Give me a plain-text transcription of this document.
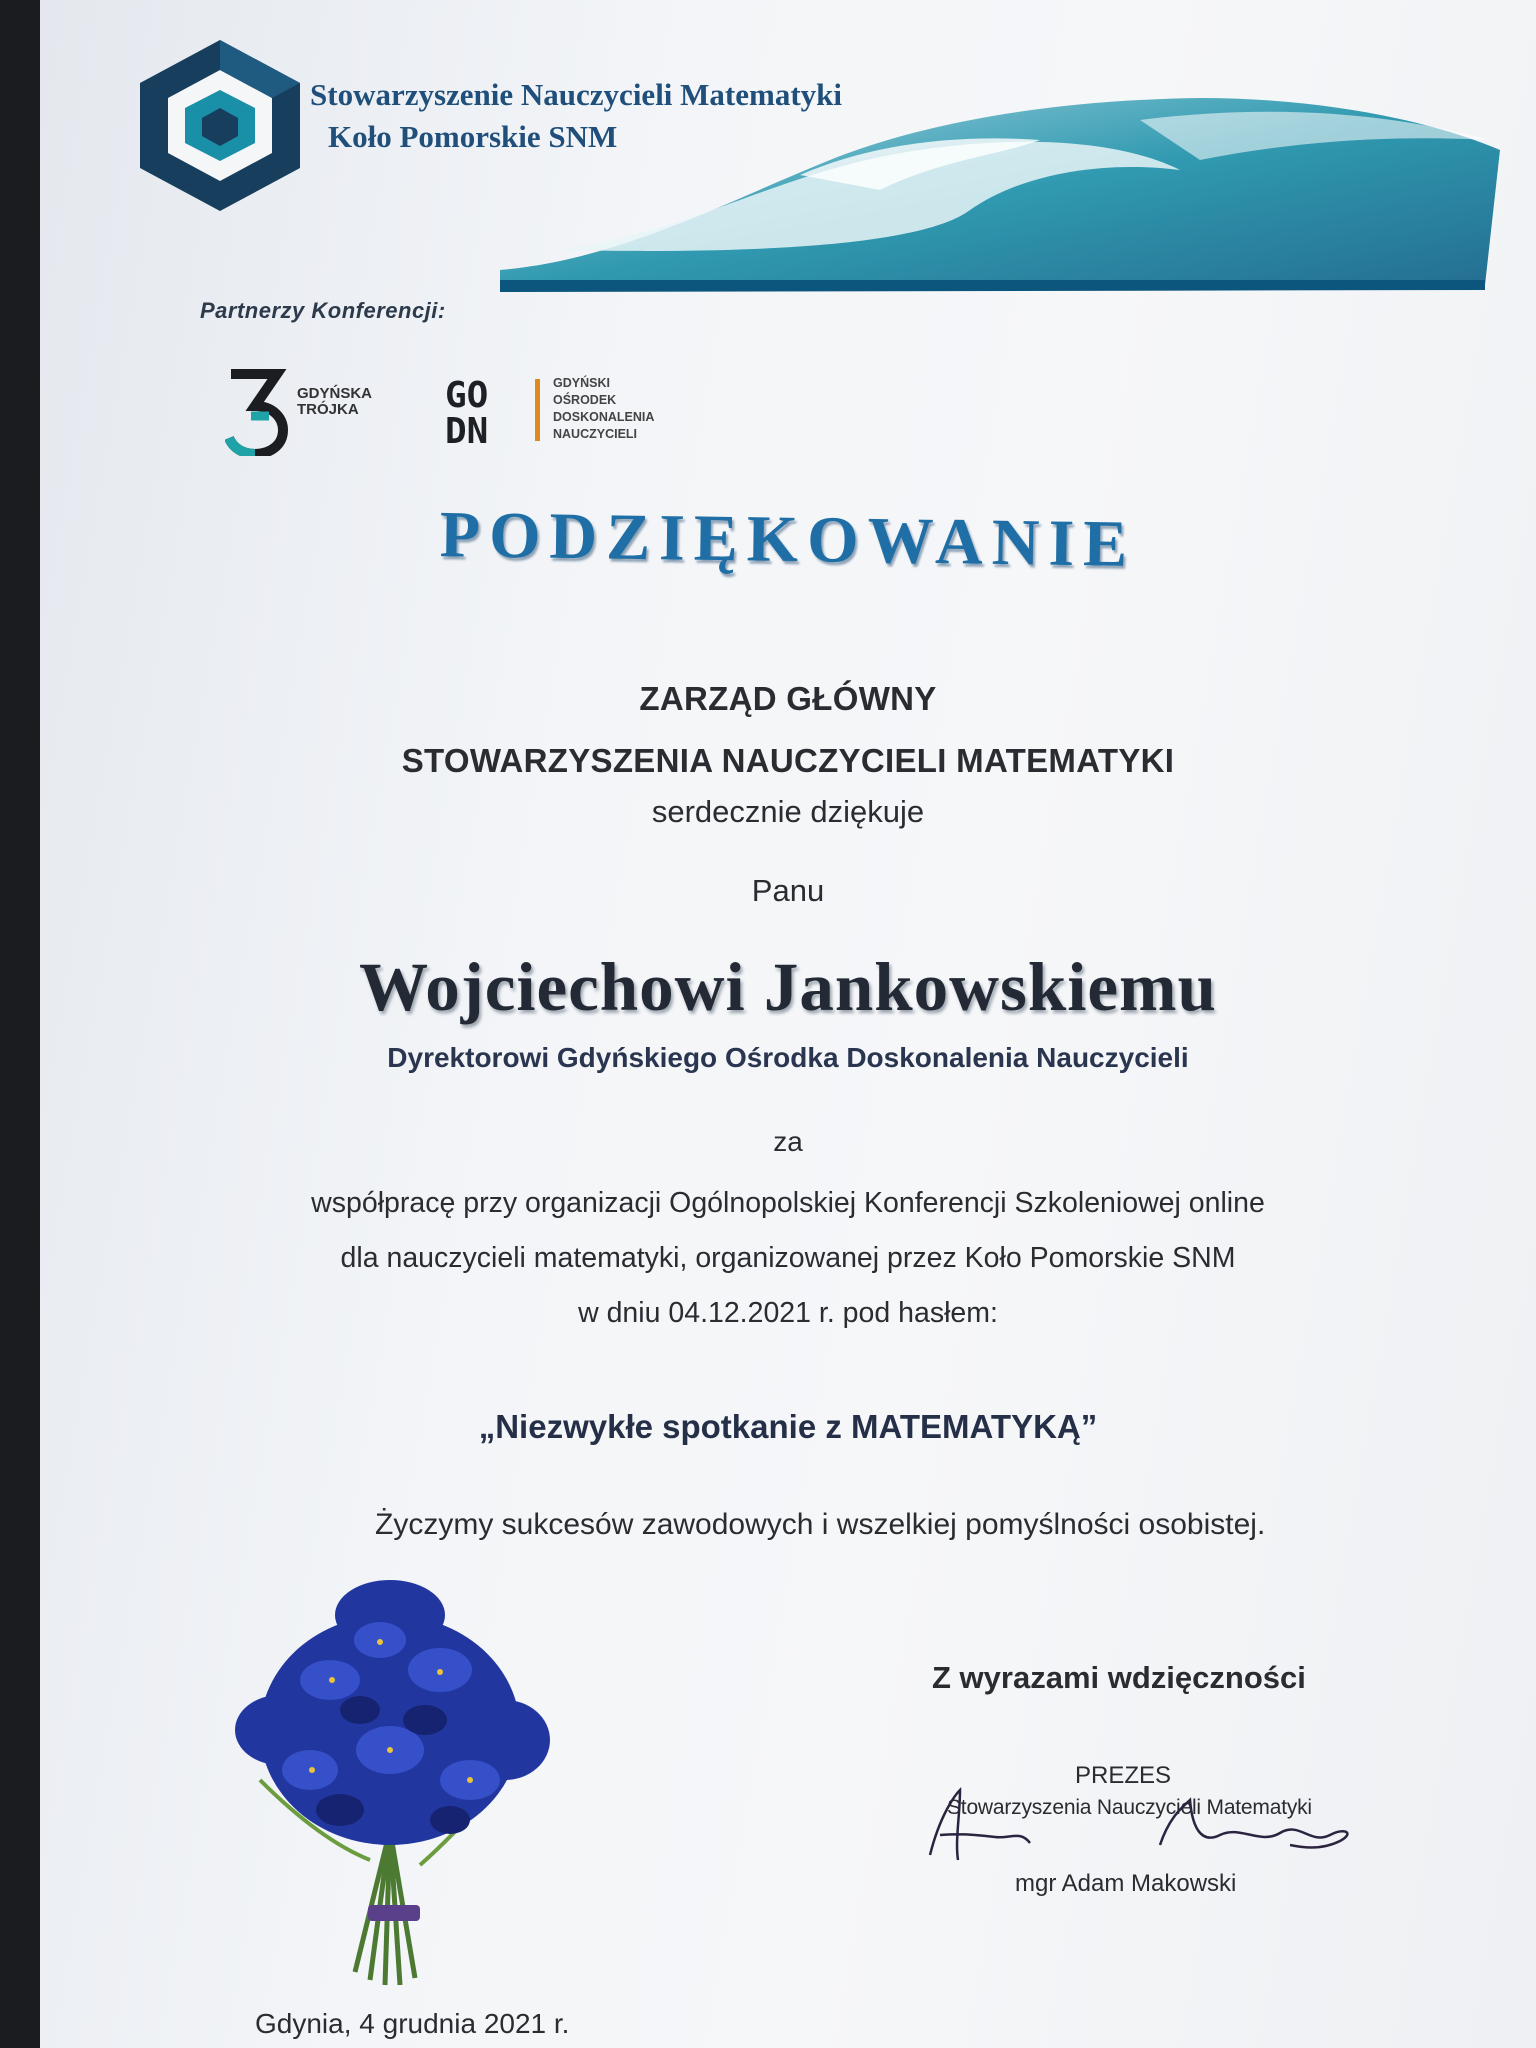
Stowarzyszenie Nauczycieli Matematyki
Koło Pomorskie SNM
Partnerzy Konferencji:
GDYŃSKA
TRÓJKA	GO
DN
GDYŃSKI
OŚRODEK
DOSKONALENIA
NAUCZYCIELI
PODZIĘKOWANIE
ZARZĄD GŁÓWNY
STOWARZYSZENIA NAUCZYCIELI MATEMATYKI
serdecznie dziękuje
Panu
Wojciechowi Jankowskiemu
Dyrektorowi Gdyńskiego Ośrodka Doskonalenia Nauczycieli
za
współpracę przy organizacji Ogólnopolskiej Konferencji Szkoleniowej online
dla nauczycieli matematyki, organizowanej przez Koło Pomorskie SNM
w dniu 04.12.2021 r. pod hasłem:
„Niezwykłe spotkanie z MATEMATYKĄ”
Życzymy sukcesów zawodowych i wszelkiej pomyślności osobistej.
Z wyrazami wdzięczności
PREZES
Stowarzyszenia Nauczycieli Matematyki
mgr Adam Makowski
Gdynia, 4 grudnia 2021 r.
